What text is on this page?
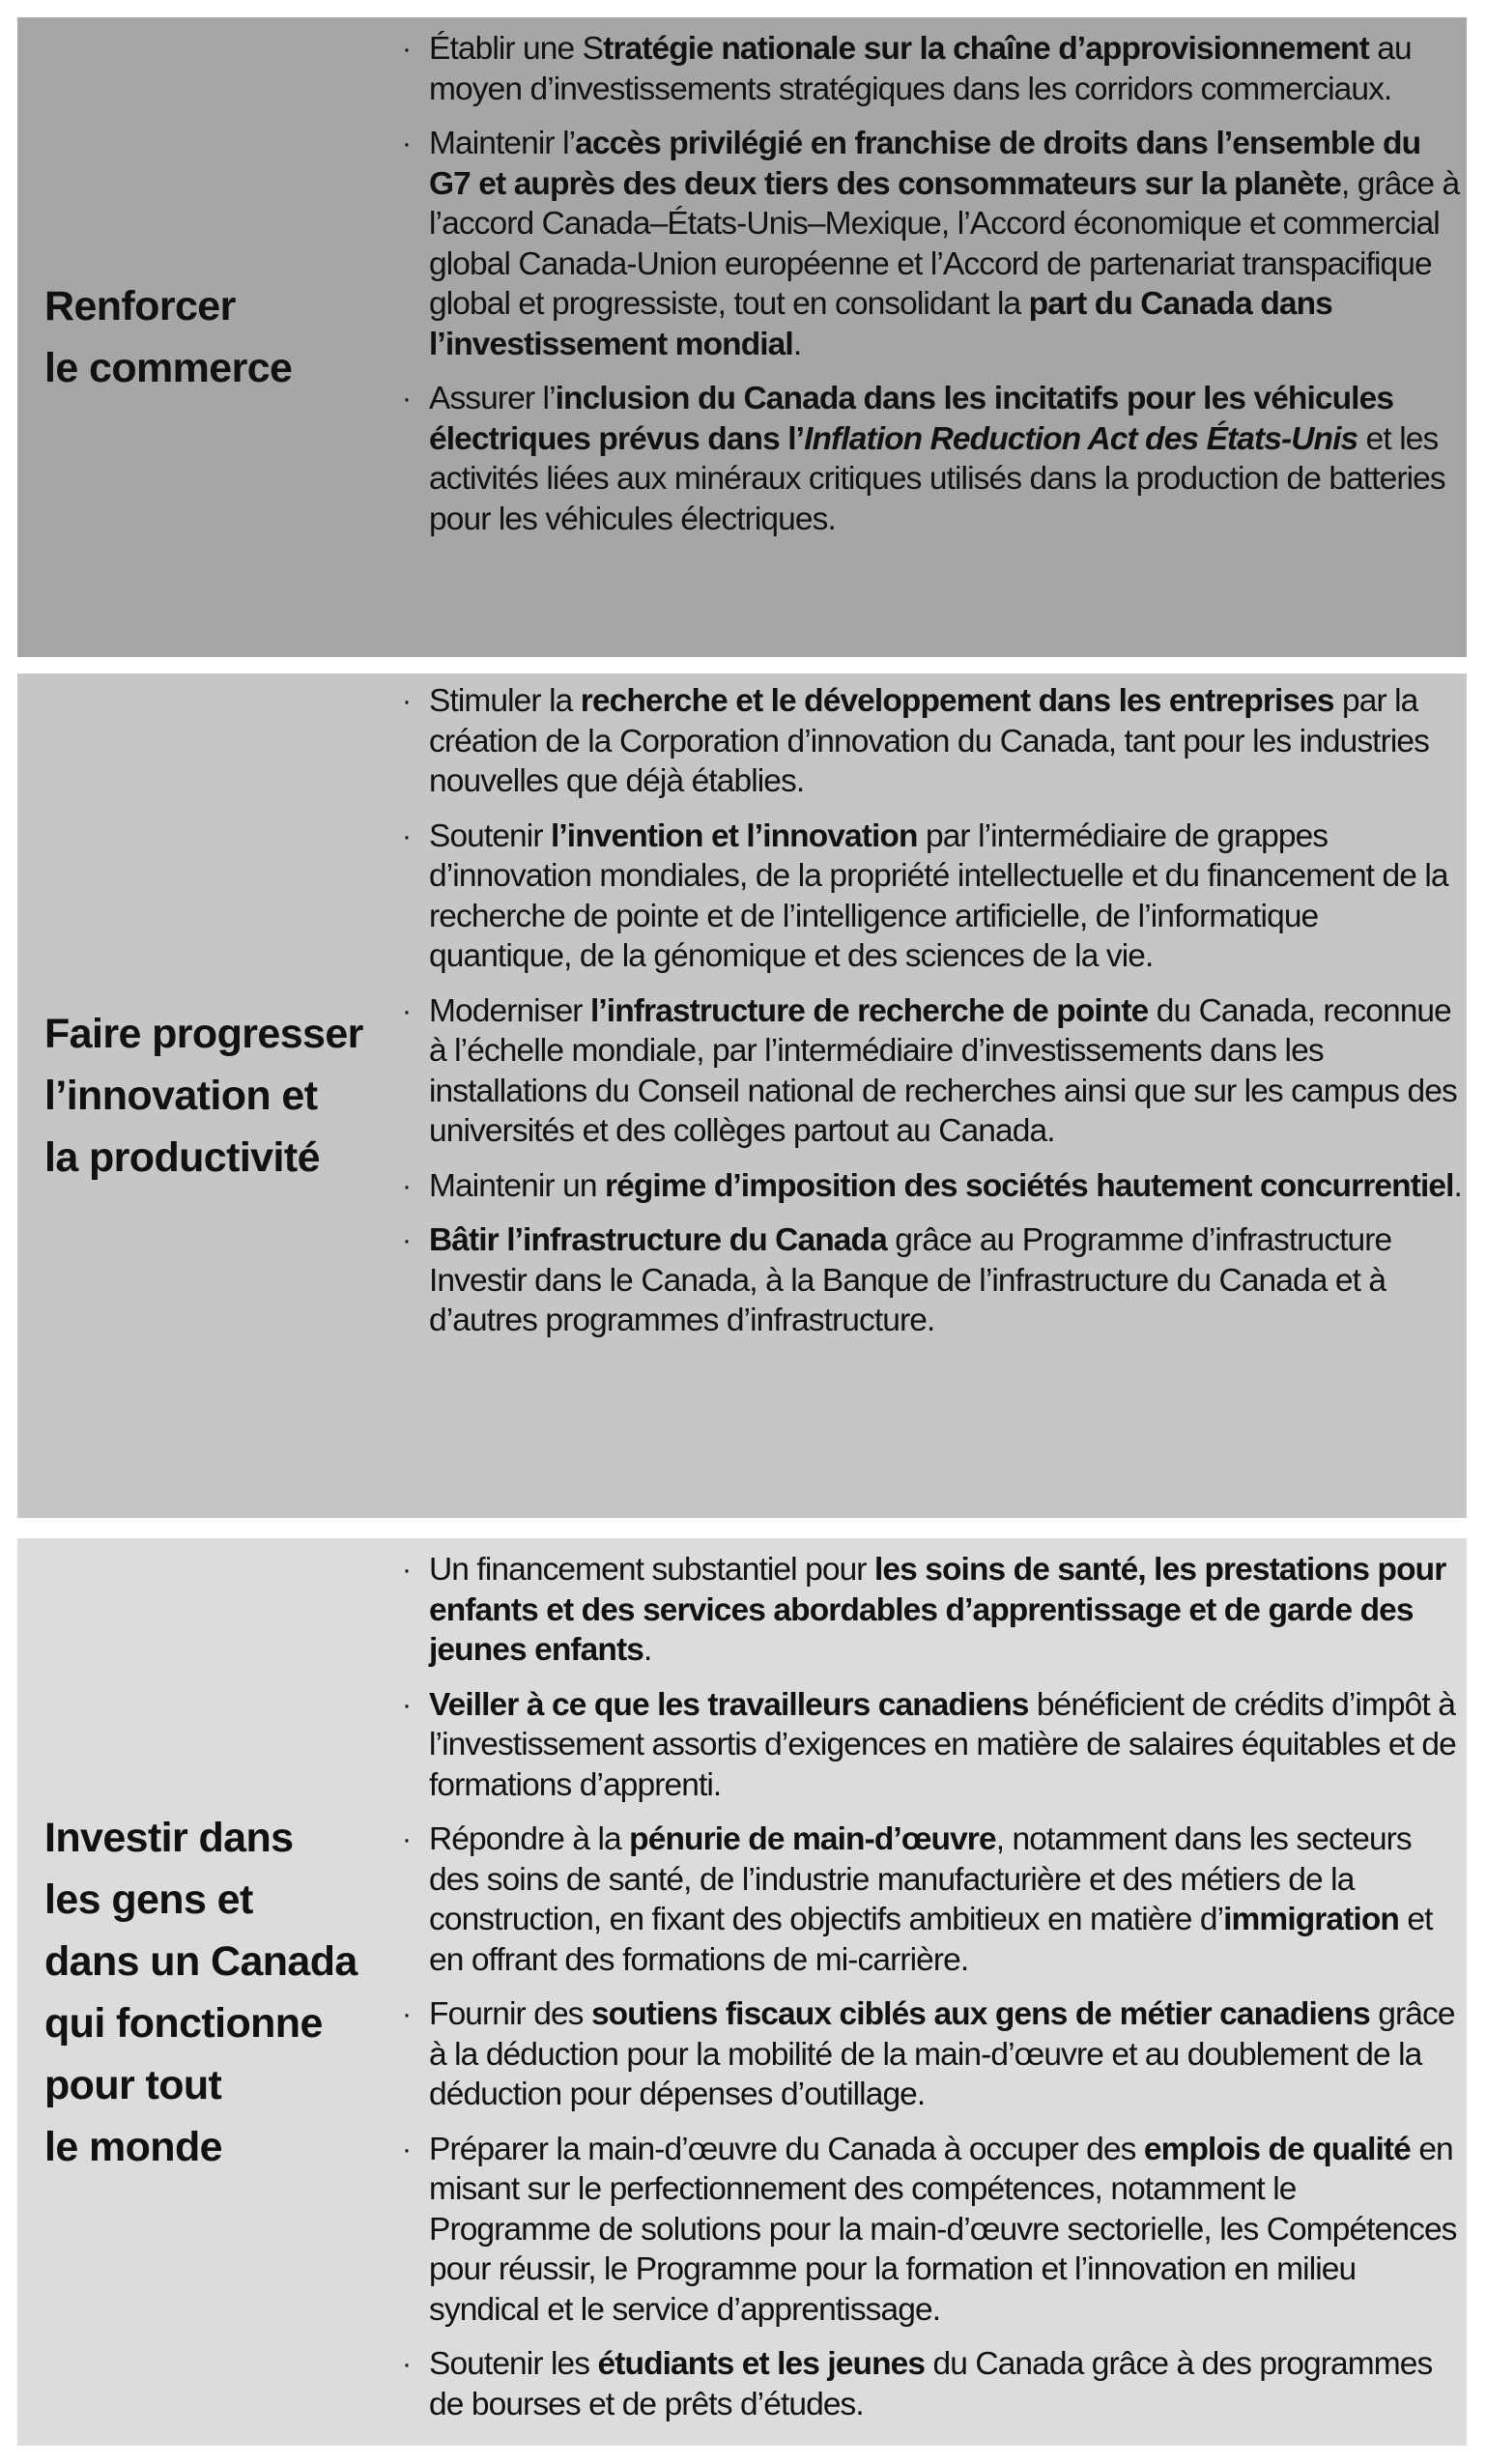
Renforcer
le commerce
· Établir une Stratégie nationale sur la chaîne d’approvisionnement au moyen d’investissements stratégiques dans les corridors commerciaux.
· Maintenir l’accès privilégié en franchise de droits dans l’ensemble du G7 et auprès des deux tiers des consommateurs sur la planète, grâce à l’accord Canada–États-Unis–Mexique, l’Accord économique et commercial global Canada-Union européenne et l’Accord de partenariat transpacifique global et progressiste, tout en consolidant la part du Canada dans l’investissement mondial.
· Assurer l’inclusion du Canada dans les incitatifs pour les véhicules électriques prévus dans l’Inflation Reduction Act des États-Unis et les activités liées aux minéraux critiques utilisés dans la production de batteries pour les véhicules électriques.
Faire progresser
l’innovation et
la productivité
· Stimuler la recherche et le développement dans les entreprises par la création de la Corporation d’innovation du Canada, tant pour les industries nouvelles que déjà établies.
· Soutenir l’invention et l’innovation par l’intermédiaire de grappes d’innovation mondiales, de la propriété intellectuelle et du financement de la recherche de pointe et de l’intelligence artificielle, de l’informatique quantique, de la génomique et des sciences de la vie.
· Moderniser l’infrastructure de recherche de pointe du Canada, reconnue à l’échelle mondiale, par l’intermédiaire d’investissements dans les installations du Conseil national de recherches ainsi que sur les campus des universités et des collèges partout au Canada.
· Maintenir un régime d’imposition des sociétés hautement concurrentiel.
· Bâtir l’infrastructure du Canada grâce au Programme d’infrastructure Investir dans le Canada, à la Banque de l’infrastructure du Canada et à d’autres programmes d’infrastructure.
Investir dans
les gens et
dans un Canada
qui fonctionne
pour tout
le monde
· Un financement substantiel pour les soins de santé, les prestations pour enfants et des services abordables d’apprentissage et de garde des jeunes enfants.
· Veiller à ce que les travailleurs canadiens bénéficient de crédits d’impôt à l’investissement assortis d’exigences en matière de salaires équitables et de formations d’apprenti.
· Répondre à la pénurie de main-d’œuvre, notamment dans les secteurs des soins de santé, de l’industrie manufacturière et des métiers de la construction, en fixant des objectifs ambitieux en matière d’immigration et en offrant des formations de mi-carrière.
· Fournir des soutiens fiscaux ciblés aux gens de métier canadiens grâce à la déduction pour la mobilité de la main-d’œuvre et au doublement de la déduction pour dépenses d’outillage.
· Préparer la main-d’œuvre du Canada à occuper des emplois de qualité en misant sur le perfectionnement des compétences, notamment le Programme de solutions pour la main-d’œuvre sectorielle, les Compétences pour réussir, le Programme pour la formation et l’innovation en milieu syndical et le service d’apprentissage.
· Soutenir les étudiants et les jeunes du Canada grâce à des programmes de bourses et de prêts d’études.
